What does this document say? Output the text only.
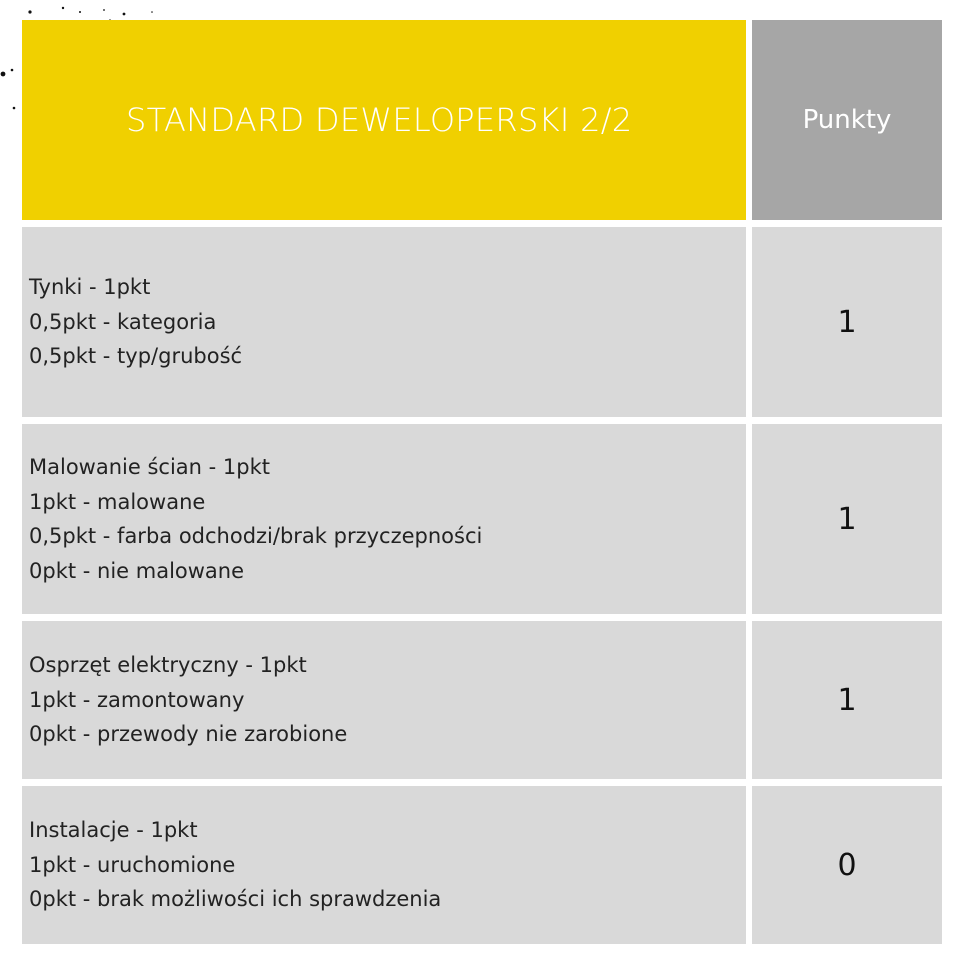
STANDARD DEWELOPERSKI 2/2	Punkty
Tynki - 1pkt
0,5pkt - kategoria
0,5pkt - typ/grubość
1
Malowanie ścian - 1pkt
1pkt - malowane
0,5pkt - farba odchodzi/brak przyczepności
0pkt - nie malowane
1
Osprzęt elektryczny - 1pkt
1pkt - zamontowany
0pkt - przewody nie zarobione
1
Instalacje - 1pkt
1pkt - uruchomione
0pkt - brak możliwości ich sprawdzenia
0
